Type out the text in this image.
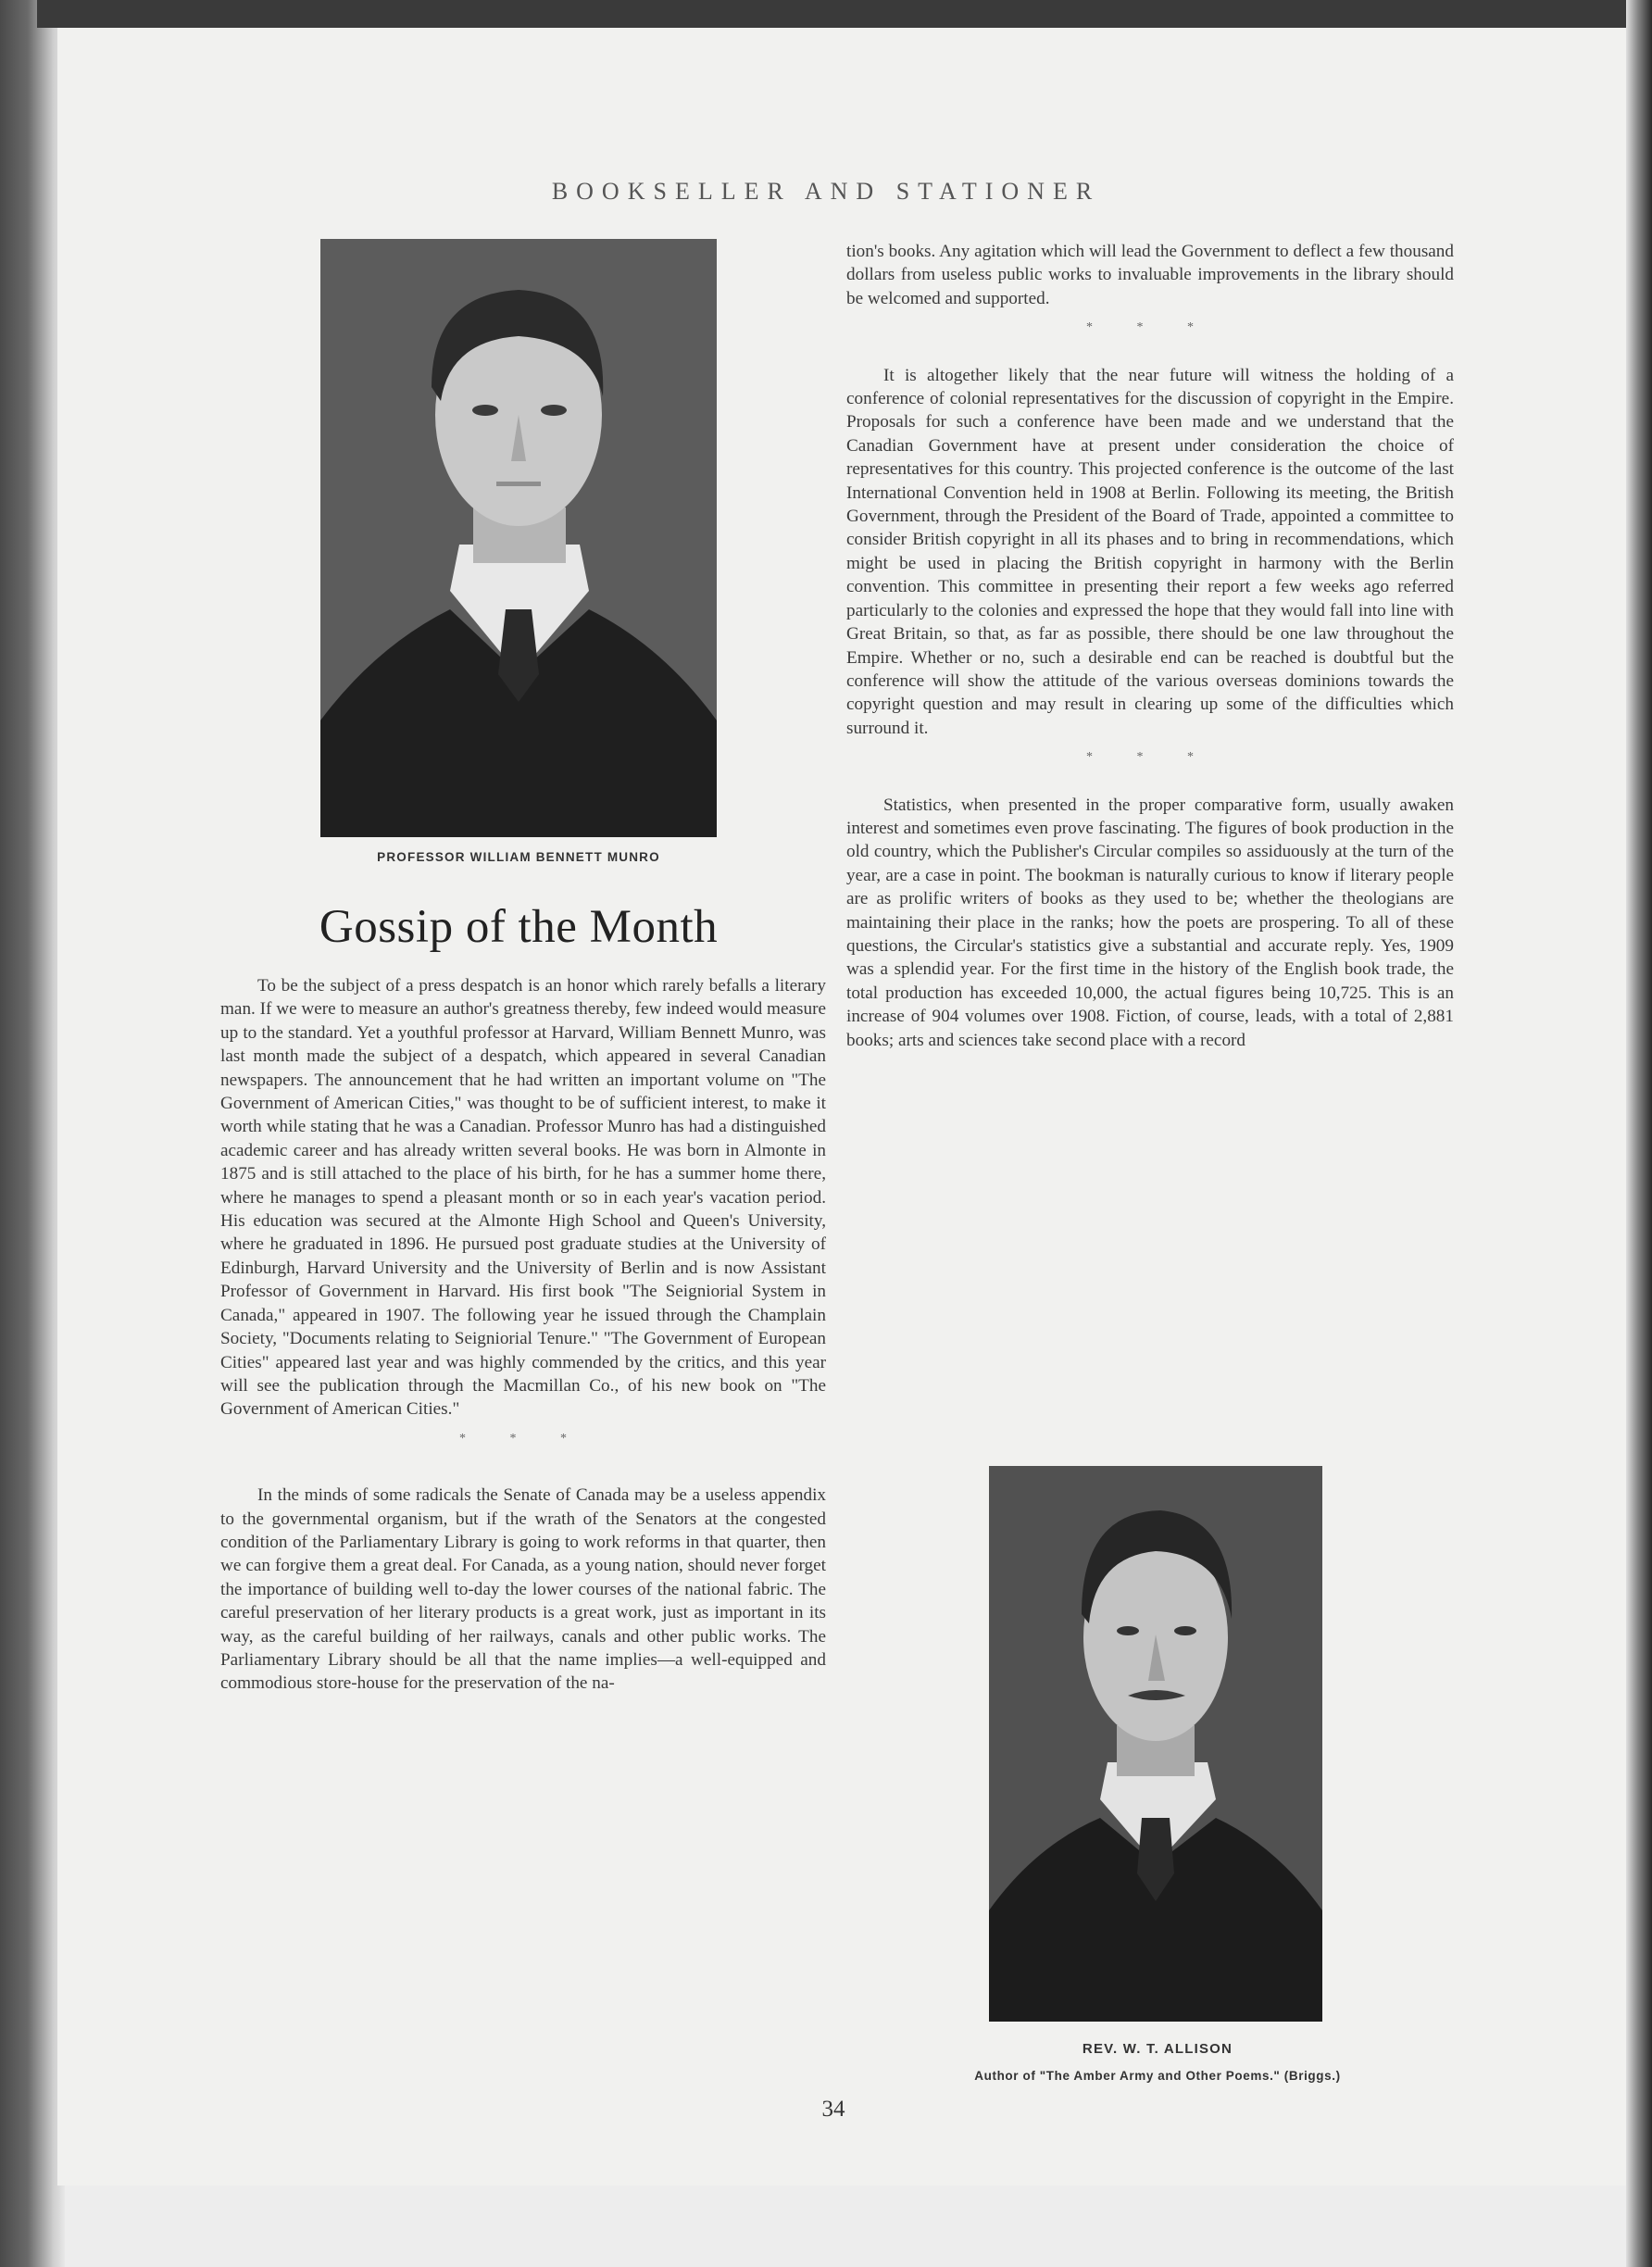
BOOKSELLER AND STATIONER
PROFESSOR WILLIAM BENNETT MUNRO
Gossip of the Month

To be the subject of a press despatch is an honor which rarely befalls a literary man. If we were to measure an author's greatness thereby, few indeed would measure up to the standard. Yet a youthful professor at Harvard, William Bennett Munro, was last month made the subject of a despatch, which appeared in several Canadian newspapers. The announcement that he had written an important volume on "The Government of American Cities," was thought to be of sufficient interest, to make it worth while stating that he was a Canadian. Professor Munro has had a distinguished academic career and has already written several books. He was born in Almonte in 1875 and is still attached to the place of his birth, for he has a summer home there, where he manages to spend a pleasant month or so in each year's vacation period. His education was secured at the Almonte High School and Queen's University, where he graduated in 1896. He pursued post graduate studies at the University of Edinburgh, Harvard University and the University of Berlin and is now Assistant Professor of Government in Harvard. His first book "The Seigniorial System in Canada," appeared in 1907. The following year he issued through the Champlain Society, "Documents relating to Seigniorial Tenure." "The Government of European Cities" appeared last year and was highly commended by the critics, and this year will see the publication through the Macmillan Co., of his new book on "The Government of American Cities."

* * *

In the minds of some radicals the Senate of Canada may be a useless appendix to the governmental organism, but if the wrath of the Senators at the congested condition of the Parliamentary Library is going to work reforms in that quarter, then we can forgive them a great deal. For Canada, as a young nation, should never forget the importance of building well to-day the lower courses of the national fabric. The careful preservation of her literary products is a great work, just as important in its way, as the careful building of her railways, canals and other public works. The Parliamentary Library should be all that the name implies—a well-equipped and commodious store-house for the preservation of the na-

tion's books. Any agitation which will lead the Government to deflect a few thousand dollars from useless public works to invaluable improvements in the library should be welcomed and supported.

* * *

It is altogether likely that the near future will witness the holding of a conference of colonial representatives for the discussion of copyright in the Empire. Proposals for such a conference have been made and we understand that the Canadian Government have at present under consideration the choice of representatives for this country. This projected conference is the outcome of the last International Convention held in 1908 at Berlin. Following its meeting, the British Government, through the President of the Board of Trade, appointed a committee to consider British copyright in all its phases and to bring in recommendations, which might be used in placing the British copyright in harmony with the Berlin convention. This committee in presenting their report a few weeks ago referred particularly to the colonies and expressed the hope that they would fall into line with Great Britain, so that, as far as possible, there should be one law throughout the Empire. Whether or no, such a desirable end can be reached is doubtful but the conference will show the attitude of the various overseas dominions towards the copyright question and may result in clearing up some of the difficulties which surround it.

* * *

Statistics, when presented in the proper comparative form, usually awaken interest and sometimes even prove fascinating. The figures of book production in the old country, which the Publisher's Circular compiles so assiduously at the turn of the year, are a case in point. The bookman is naturally curious to know if literary people are as prolific writers of books as they used to be; whether the theologians are maintaining their place in the ranks; how the poets are prospering. To all of these questions, the Circular's statistics give a substantial and accurate reply. Yes, 1909 was a splendid year. For the first time in the history of the English book trade, the total production has exceeded 10,000, the actual figures being 10,725. This is an increase of 904 volumes over 1908. Fiction, of course, leads, with a total of 2,881 books; arts and sciences take second place with a record

REV. W. T. ALLISON
Author of "The Amber Army and Other Poems." (Briggs.)
34
